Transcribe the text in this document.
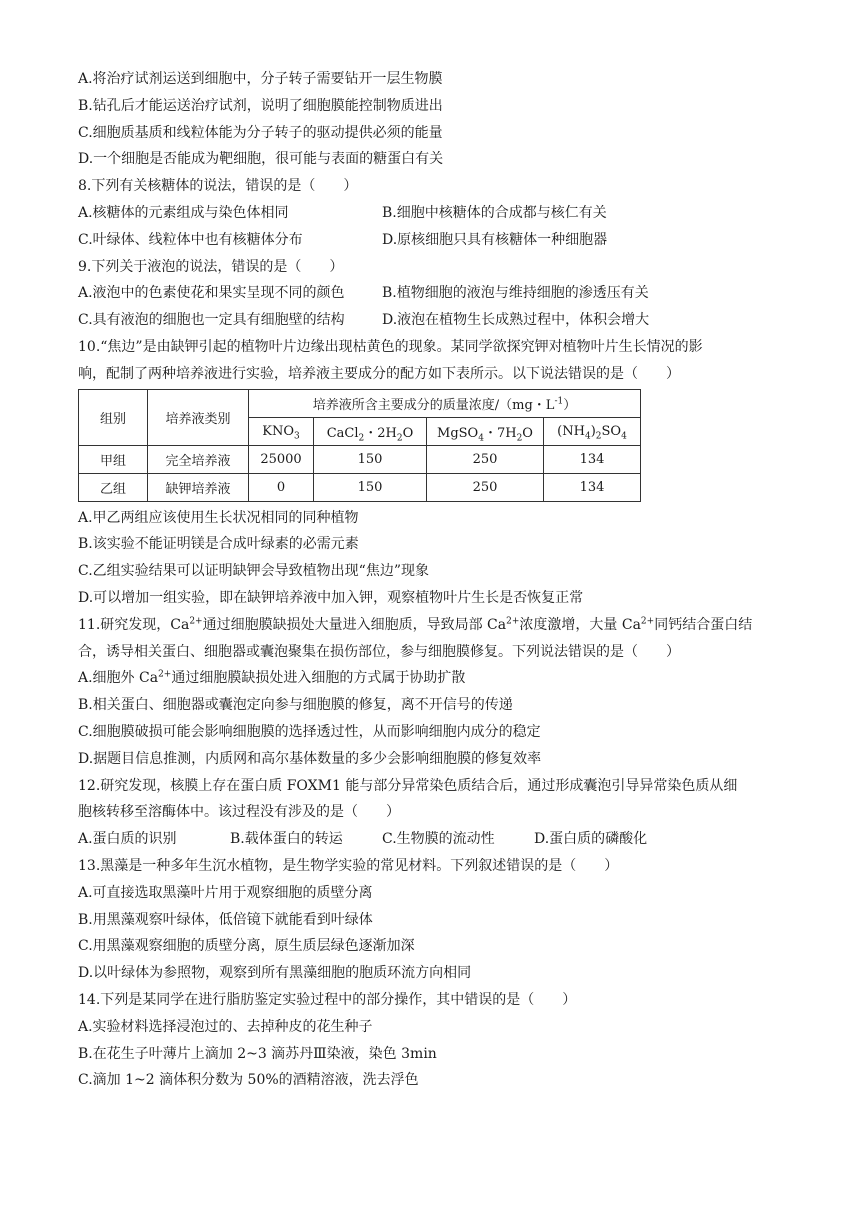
A.将治疗试剂运送到细胞中，分子转子需要钻开一层生物膜
B.钻孔后才能运送治疗试剂，说明了细胞膜能控制物质进出
C.细胞质基质和线粒体能为分子转子的驱动提供必须的能量
D.一个细胞是否能成为靶细胞，很可能与表面的糖蛋白有关
8.下列有关核糖体的说法，错误的是（　　）
A.核糖体的元素组成与染色体相同	B.细胞中核糖体的合成都与核仁有关
C.叶绿体、线粒体中也有核糖体分布	D.原核细胞只具有核糖体一种细胞器
9.下列关于液泡的说法，错误的是（　　）
A.液泡中的色素使花和果实呈现不同的颜色	B.植物细胞的液泡与维持细胞的渗透压有关
C.具有液泡的细胞也一定具有细胞壁的结构	D.液泡在植物生长成熟过程中，体积会增大
10.“焦边”是由缺钾引起的植物叶片边缘出现枯黄色的现象。某同学欲探究钾对植物叶片生长情况的影
响，配制了两种培养液进行实验，培养液主要成分的配方如下表所示。以下说法错误的是（　　）
组别	培养液类别	培养液所含主要成分的质量浓度/（mg・$L^{-1}$）			
		$KNO_3$	CaCl$_2$・$2H_2O$	MgSO$_4$・$7H_2O$	$(NH_4)_2SO_4$
甲组	完全培养液	25000	150	250	134
乙组	缺钾培养液	0	150	250	134
A.甲乙两组应该使用生长状况相同的同种植物
B.该实验不能证明镁是合成叶绿素的必需元素
C.乙组实验结果可以证明缺钾会导致植物出现“焦边”现象
D.可以增加一组实验，即在缺钾培养液中加入钾，观察植物叶片生长是否恢复正常
11.研究发现，$Ca^{2+}$通过细胞膜缺损处大量进入细胞质，导致局部 $Ca^{2+}$浓度激增，大量 $Ca^{2+}$同钙结合蛋白结
合，诱导相关蛋白、细胞器或囊泡聚集在损伤部位，参与细胞膜修复。下列说法错误的是（　　）
A.细胞外 $Ca^{2+}$通过细胞膜缺损处进入细胞的方式属于协助扩散
B.相关蛋白、细胞器或囊泡定向参与细胞膜的修复，离不开信号的传递
C.细胞膜破损可能会影响细胞膜的选择透过性，从而影响细胞内成分的稳定
D.据题目信息推测，内质网和高尔基体数量的多少会影响细胞膜的修复效率
12.研究发现，核膜上存在蛋白质 FOXM1 能与部分异常染色质结合后，通过形成囊泡引导异常染色质从细
胞核转移至溶酶体中。该过程没有涉及的是（　　）
A.蛋白质的识别	B.载体蛋白的转运	C.生物膜的流动性	D.蛋白质的磷酸化
13.黑藻是一种多年生沉水植物，是生物学实验的常见材料。下列叙述错误的是（　　）
A.可直接选取黑藻叶片用于观察细胞的质壁分离
B.用黑藻观察叶绿体，低倍镜下就能看到叶绿体
C.用黑藻观察细胞的质壁分离，原生质层绿色逐渐加深
D.以叶绿体为参照物，观察到所有黑藻细胞的胞质环流方向相同
14.下列是某同学在进行脂肪鉴定实验过程中的部分操作，其中错误的是（　　）
A.实验材料选择浸泡过的、去掉种皮的花生种子
B.在花生子叶薄片上滴加 2~3 滴苏丹Ⅲ染液，染色 3min
C.滴加 1~2 滴体积分数为 50%的酒精溶液，洗去浮色
